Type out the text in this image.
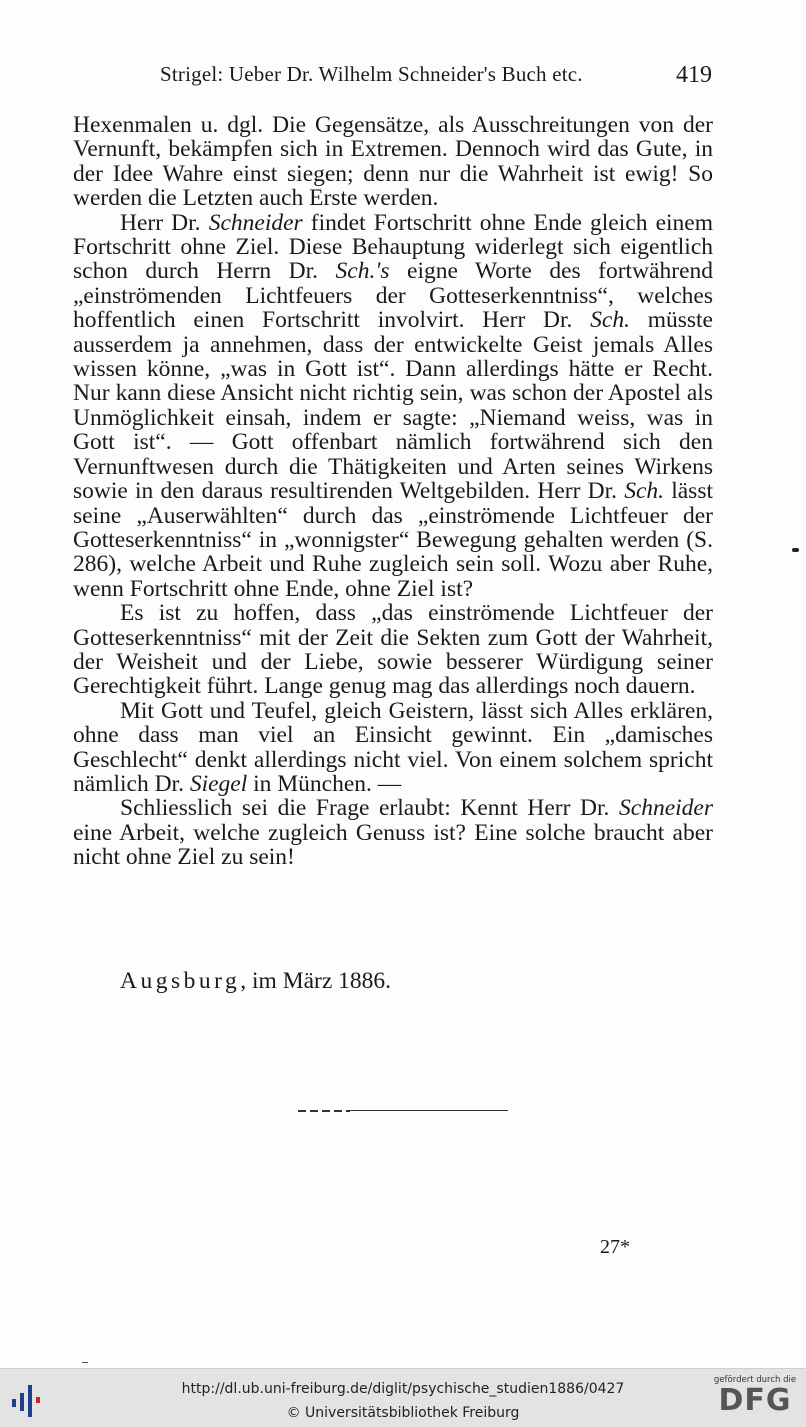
Strigel: Ueber Dr. Wilhelm Schneider's Buch etc.	419

Hexenmalen u. dgl. Die Gegensätze, als Ausschreitungen von der Vernunft, bekämpfen sich in Extremen. Dennoch wird das Gute, in der Idee Wahre einst siegen; denn nur die Wahrheit ist ewig! So werden die Letzten auch Erste werden.

Herr Dr. Schneider findet Fortschritt ohne Ende gleich einem Fortschritt ohne Ziel. Diese Behauptung widerlegt sich eigentlich schon durch Herrn Dr. Sch.'s eigne Worte des fortwährend „einströmenden Lichtfeuers der Gotteserkenntniss“, welches hoffentlich einen Fortschritt involvirt. Herr Dr. Sch. müsste ausserdem ja annehmen, dass der entwickelte Geist jemals Alles wissen könne, „was in Gott ist“. Dann allerdings hätte er Recht. Nur kann diese Ansicht nicht richtig sein, was schon der Apostel als Unmöglichkeit einsah, indem er sagte: „Niemand weiss, was in Gott ist“. — Gott offenbart nämlich fortwährend sich den Vernunftwesen durch die Thätigkeiten und Arten seines Wirkens sowie in den daraus resultirenden Weltgebilden. Herr Dr. Sch. lässt seine „Auserwählten“ durch das „einströmende Lichtfeuer der Gotteserkenntniss“ in „wonnigster“ Bewegung gehalten werden (S. 286), welche Arbeit und Ruhe zugleich sein soll. Wozu aber Ruhe, wenn Fortschritt ohne Ende, ohne Ziel ist?

Es ist zu hoffen, dass „das einströmende Lichtfeuer der Gotteserkenntniss“ mit der Zeit die Sekten zum Gott der Wahrheit, der Weisheit und der Liebe, sowie besserer Würdigung seiner Gerechtigkeit führt. Lange genug mag das allerdings noch dauern.

Mit Gott und Teufel, gleich Geistern, lässt sich Alles erklären, ohne dass man viel an Einsicht gewinnt. Ein „damisches Geschlecht“ denkt allerdings nicht viel. Von einem solchem spricht nämlich Dr. Siegel in München. —

Schliesslich sei die Frage erlaubt: Kennt Herr Dr. Schneider eine Arbeit, welche zugleich Genuss ist? Eine solche braucht aber nicht ohne Ziel zu sein!

Augsburg, im März 1886.
27*
http://dl.ub.uni-freiburg.de/diglit/psychische_studien1886/0427
© Universitätsbibliothek Freiburg
gefördert durch die
DFG
